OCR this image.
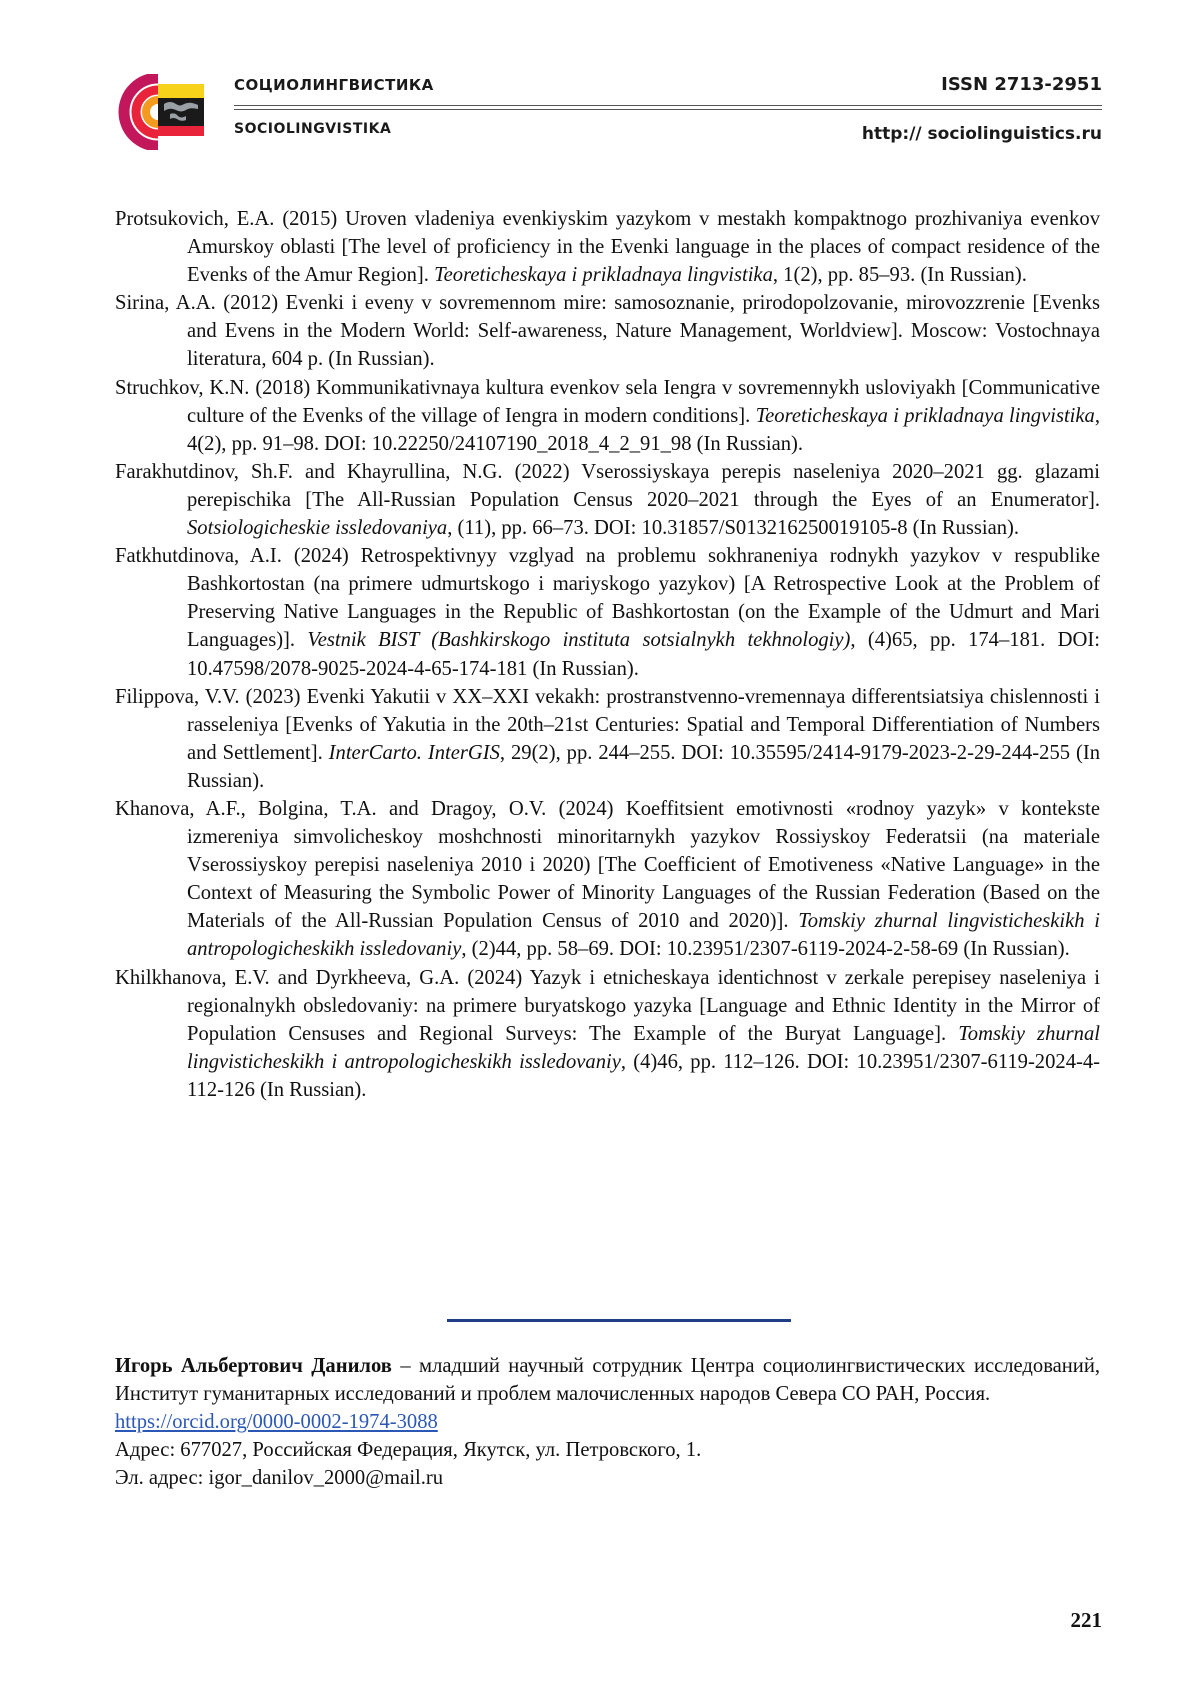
СОЦИОЛИНГВИСТИКА
SOCIOLINGVISTIKA
ISSN 2713-2951
http:// sociolinguistics.ru

Protsukovich, E.A. (2015) Uroven vladeniya evenkiyskim yazykom v mestakh kompaktnogo prozhivaniya evenkov Amurskoy oblasti [The level of proficiency in the Evenki language in the places of compact residence of the Evenks of the Amur Region]. Teoreticheskaya i prikladnaya lingvistika, 1(2), pp. 85–93. (In Russian).

Sirina, A.A. (2012) Evenki i eveny v sovremennom mire: samosoznanie, prirodopolzovanie, mirovozzrenie [Evenks and Evens in the Modern World: Self-awareness, Nature Management, Worldview]. Moscow: Vostochnaya literatura, 604 p. (In Russian).

Struchkov, K.N. (2018) Kommunikativnaya kultura evenkov sela Iengra v sovremennykh usloviyakh [Communicative culture of the Evenks of the village of Iengra in modern conditions]. Teoreticheskaya i prikladnaya lingvistika, 4(2), pp. 91–98. DOI: 10.22250/24107190_2018_4_2_91_98 (In Russian).

Farakhutdinov, Sh.F. and Khayrullina, N.G. (2022) Vserossiyskaya perepis naseleniya 2020–2021 gg. glazami perepischika [The All-Russian Population Census 2020–2021 through the Eyes of an Enumerator]. Sotsiologicheskie issledovaniya, (11), pp. 66–73. DOI: 10.31857/S013216250019105-8 (In Russian).

Fatkhutdinova, A.I. (2024) Retrospektivnyy vzglyad na problemu sokhraneniya rodnykh yazykov v respublike Bashkortostan (na primere udmurtskogo i mariyskogo yazykov) [A Retrospective Look at the Problem of Preserving Native Languages in the Republic of Bashkortostan (on the Example of the Udmurt and Mari Languages)]. Vestnik BIST (Bashkirskogo instituta sotsialnykh tekhnologiy), (4)65, pp. 174–181. DOI: 10.47598/2078-9025-2024-4-65-174-181 (In Russian).

Filippova, V.V. (2023) Evenki Yakutii v XX–XXI vekakh: prostranstvenno-vremennaya differentsiatsiya chislennosti i rasseleniya [Evenks of Yakutia in the 20th–21st Centuries: Spatial and Temporal Differentiation of Numbers and Settlement]. InterCarto. InterGIS, 29(2), pp. 244–255. DOI: 10.35595/2414-9179-2023-2-29-244-255 (In Russian).

Khanova, A.F., Bolgina, T.A. and Dragoy, O.V. (2024) Koeffitsient emotivnosti «rodnoy yazyk» v kontekste izmereniya simvolicheskoy moshchnosti minoritarnykh yazykov Rossiyskoy Federatsii (na materiale Vserossiyskoy perepisi naseleniya 2010 i 2020) [The Coefficient of Emotiveness «Native Language» in the Context of Measuring the Symbolic Power of Minority Languages of the Russian Federation (Based on the Materials of the All-Russian Population Census of 2010 and 2020)]. Tomskiy zhurnal lingvisticheskikh i antropologicheskikh issledovaniy, (2)44, pp. 58–69. DOI: 10.23951/2307-6119-2024-2-58-69 (In Russian).

Khilkhanova, E.V. and Dyrkheeva, G.A. (2024) Yazyk i etnicheskaya identichnost v zerkale perepisey naseleniya i regionalnykh obsledovaniy: na primere buryatskogo yazyka [Language and Ethnic Identity in the Mirror of Population Censuses and Regional Surveys: The Example of the Buryat Language]. Tomskiy zhurnal lingvisticheskikh i antropologicheskikh issledovaniy, (4)46, pp. 112–126. DOI: 10.23951/2307-6119-2024-4-112-126 (In Russian).

Игорь Альбертович Данилов – младший научный сотрудник Центра социолингвистических исследований, Институт гуманитарных исследований и проблем малочисленных народов Севера СО РАН, Россия.

https://orcid.org/0000-0002-1974-3088

Адрес: 677027, Российская Федерация, Якутск, ул. Петровского, 1.

Эл. адрес: igor_danilov_2000@mail.ru

221
